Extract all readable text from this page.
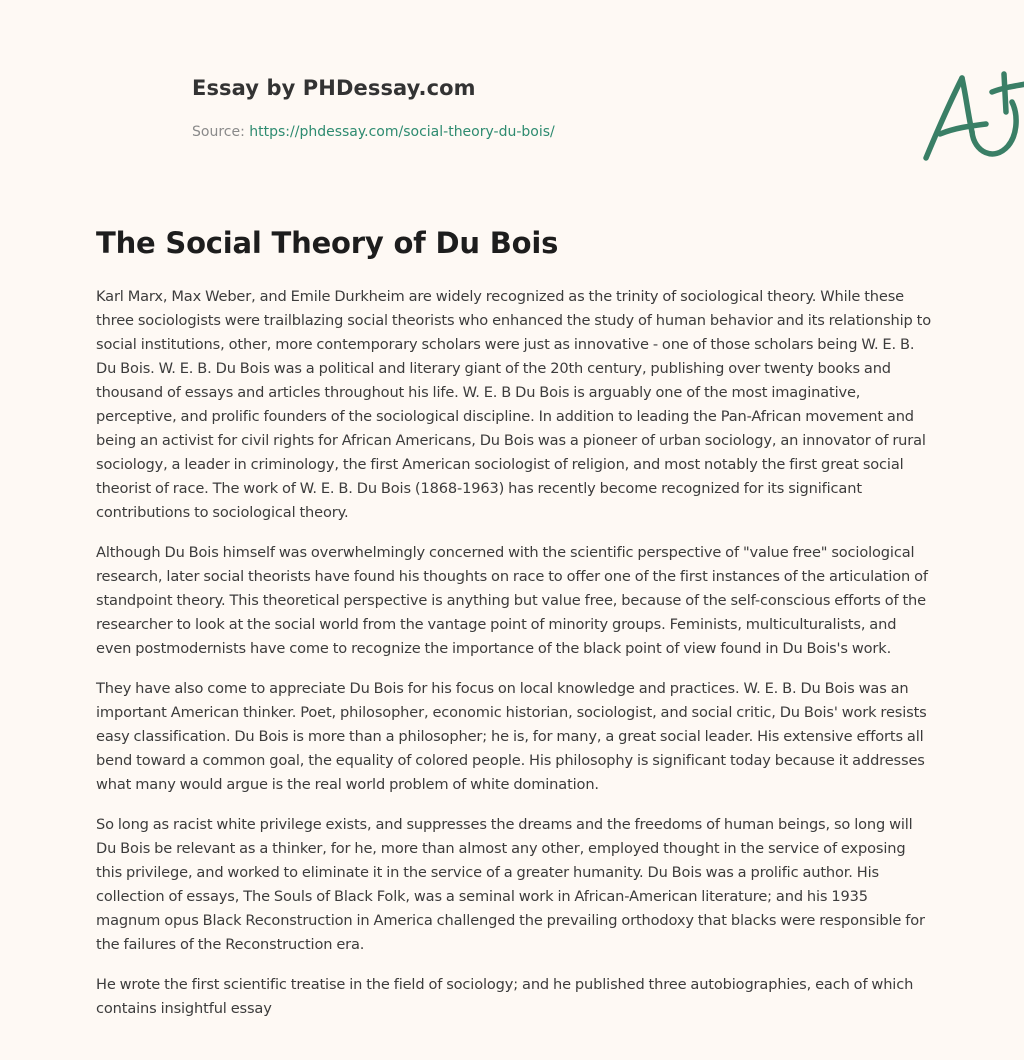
Essay by PHDessay.com
Source: https://phdessay.com/social-theory-du-bois/
The Social Theory of Du Bois

Karl Marx, Max Weber, and Emile Durkheim are widely recognized as the trinity of sociological theory. While these three sociologists were trailblazing social theorists who enhanced the study of human behavior and its relationship to social institutions, other, more contemporary scholars were just as innovative - one of those scholars being W. E. B. Du Bois. W. E. B. Du Bois was a political and literary giant of the 20th century, publishing over twenty books and thousand of essays and articles throughout his life. W. E. B Du Bois is arguably one of the most imaginative, perceptive, and prolific founders of the sociological discipline. In addition to leading the Pan-African movement and being an activist for civil rights for African Americans, Du Bois was a pioneer of urban sociology, an innovator of rural sociology, a leader in criminology, the first American sociologist of religion, and most notably the first great social theorist of race. The work of W. E. B. Du Bois (1868-1963) has recently become recognized for its significant contributions to sociological theory.

Although Du Bois himself was overwhelmingly concerned with the scientific perspective of "value free" sociological research, later social theorists have found his thoughts on race to offer one of the first instances of the articulation of standpoint theory. This theoretical perspective is anything but value free, because of the self-conscious efforts of the researcher to look at the social world from the vantage point of minority groups. Feminists, multiculturalists, and even postmodernists have come to recognize the importance of the black point of view found in Du Bois's work.

They have also come to appreciate Du Bois for his focus on local knowledge and practices. W. E. B. Du Bois was an important American thinker. Poet, philosopher, economic historian, sociologist, and social critic, Du Bois' work resists easy classification. Du Bois is more than a philosopher; he is, for many, a great social leader. His extensive efforts all bend toward a common goal, the equality of colored people. His philosophy is significant today because it addresses what many would argue is the real world problem of white domination.

So long as racist white privilege exists, and suppresses the dreams and the freedoms of human beings, so long will Du Bois be relevant as a thinker, for he, more than almost any other, employed thought in the service of exposing this privilege, and worked to eliminate it in the service of a greater humanity. Du Bois was a prolific author. His collection of essays, The Souls of Black Folk, was a seminal work in African-American literature; and his 1935 magnum opus Black Reconstruction in America challenged the prevailing orthodoxy that blacks were responsible for the failures of the Reconstruction era.

He wrote the first scientific treatise in the field of sociology; and he published three autobiographies, each of which contains insightful essay
